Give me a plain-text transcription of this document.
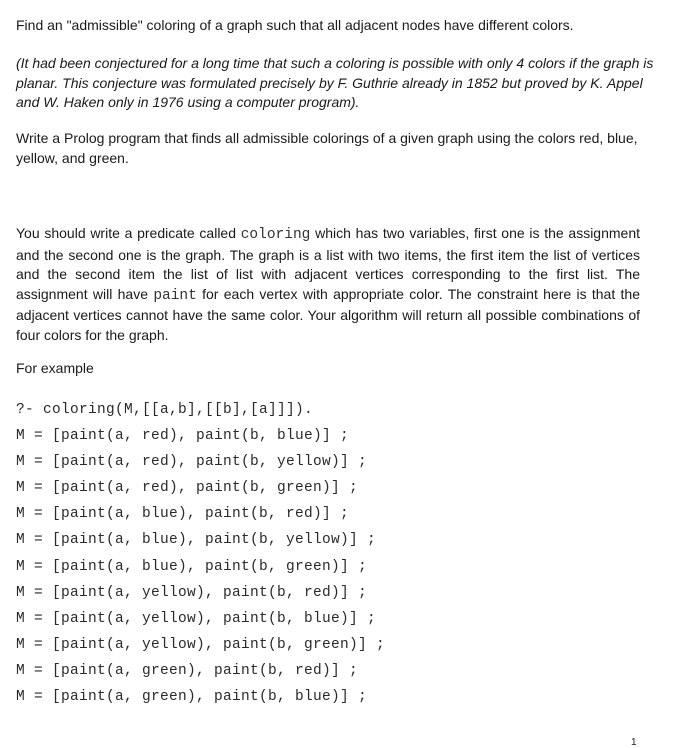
Find an "admissible" coloring of a graph such that all adjacent nodes have different colors.

(It had been conjectured for a long time that such a coloring is possible with only 4 colors if the graph is planar. This conjecture was formulated precisely by F. Guthrie already in 1852 but proved by K. Appel and W. Haken only in 1976 using a computer program).

Write a Prolog program that finds all admissible colorings of a given graph using the colors red, blue, yellow, and green.

You should write a predicate called coloring which has two variables, first one is the assignment and the second one is the graph. The graph is a list with two items, the first item the list of vertices and the second item the list of list with adjacent vertices corresponding to the first list. The assignment will have paint for each vertex with appropriate color. The constraint here is that the adjacent vertices cannot have the same color. Your algorithm will return all possible combinations of four colors for the graph.

For example

?- coloring(M,[[a,b],[[b],[a]]]).
M = [paint(a, red), paint(b, blue)] ;
M = [paint(a, red), paint(b, yellow)] ;
M = [paint(a, red), paint(b, green)] ;
M = [paint(a, blue), paint(b, red)] ;
M = [paint(a, blue), paint(b, yellow)] ;
M = [paint(a, blue), paint(b, green)] ;
M = [paint(a, yellow), paint(b, red)] ;
M = [paint(a, yellow), paint(b, blue)] ;
M = [paint(a, yellow), paint(b, green)] ;
M = [paint(a, green), paint(b, red)] ;
M = [paint(a, green), paint(b, blue)] ;
1
